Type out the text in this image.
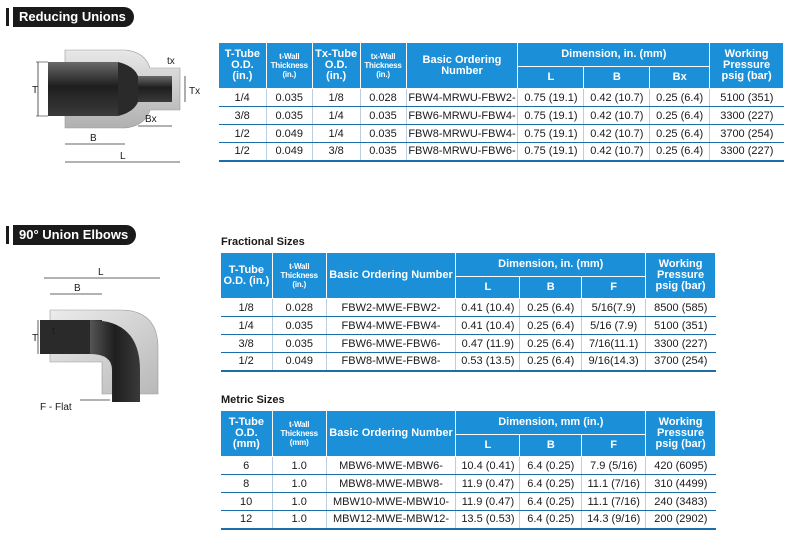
Reducing Unions
T	Tx
tx
Bx
B
L
T-Tube O.D. (in.)	t-Wall Thickness (in.)	Tx-Tube O.D. (in.)	tx-Wall Thickness (in.)	Basic Ordering Number	Dimension, in. (mm)			Working Pressure psig (bar)
					L	B	Bx	
1/4	0.035	1/8	0.028	FBW4-MRWU-FBW2-	0.75 (19.1)	0.42 (10.7)	0.25 (6.4)	5100 (351)
3/8	0.035	1/4	0.035	FBW6-MRWU-FBW4-	0.75 (19.1)	0.42 (10.7)	0.25 (6.4)	3300 (227)
1/2	0.049	1/4	0.035	FBW8-MRWU-FBW4-	0.75 (19.1)	0.42 (10.7)	0.25 (6.4)	3700 (254)
1/2	0.049	3/8	0.035	FBW8-MRWU-FBW6-	0.75 (19.1)	0.42 (10.7)	0.25 (6.4)	3300 (227)
90° Union Elbows
L
B
T
t
F - Flat
Fractional Sizes
T-Tube O.D. (in.)	t-Wall Thickness (in.)	Basic Ordering Number	Dimension, in. (mm)			Working Pressure psig (bar)
			L	B	F	
1/8	0.028	FBW2-MWE-FBW2-	0.41 (10.4)	0.25 (6.4)	5/16(7.9)	8500 (585)
1/4	0.035	FBW4-MWE-FBW4-	0.41 (10.4)	0.25 (6.4)	5/16 (7.9)	5100 (351)
3/8	0.035	FBW6-MWE-FBW6-	0.47 (11.9)	0.25 (6.4)	7/16(11.1)	3300 (227)
1/2	0.049	FBW8-MWE-FBW8-	0.53 (13.5)	0.25 (6.4)	9/16(14.3)	3700 (254)
Metric Sizes
T-Tube O.D. (mm)	t-Wall Thickness (mm)	Basic Ordering Number	Dimension, mm (in.)			Working Pressure psig (bar)
			L	B	F	
6	1.0	MBW6-MWE-MBW6-	10.4 (0.41)	6.4 (0.25)	7.9 (5/16)	420 (6095)
8	1.0	MBW8-MWE-MBW8-	11.9 (0.47)	6.4 (0.25)	11.1 (7/16)	310 (4499)
10	1.0	MBW10-MWE-MBW10-	11.9 (0.47)	6.4 (0.25)	11.1 (7/16)	240 (3483)
12	1.0	MBW12-MWE-MBW12-	13.5 (0.53)	6.4 (0.25)	14.3 (9/16)	200 (2902)
